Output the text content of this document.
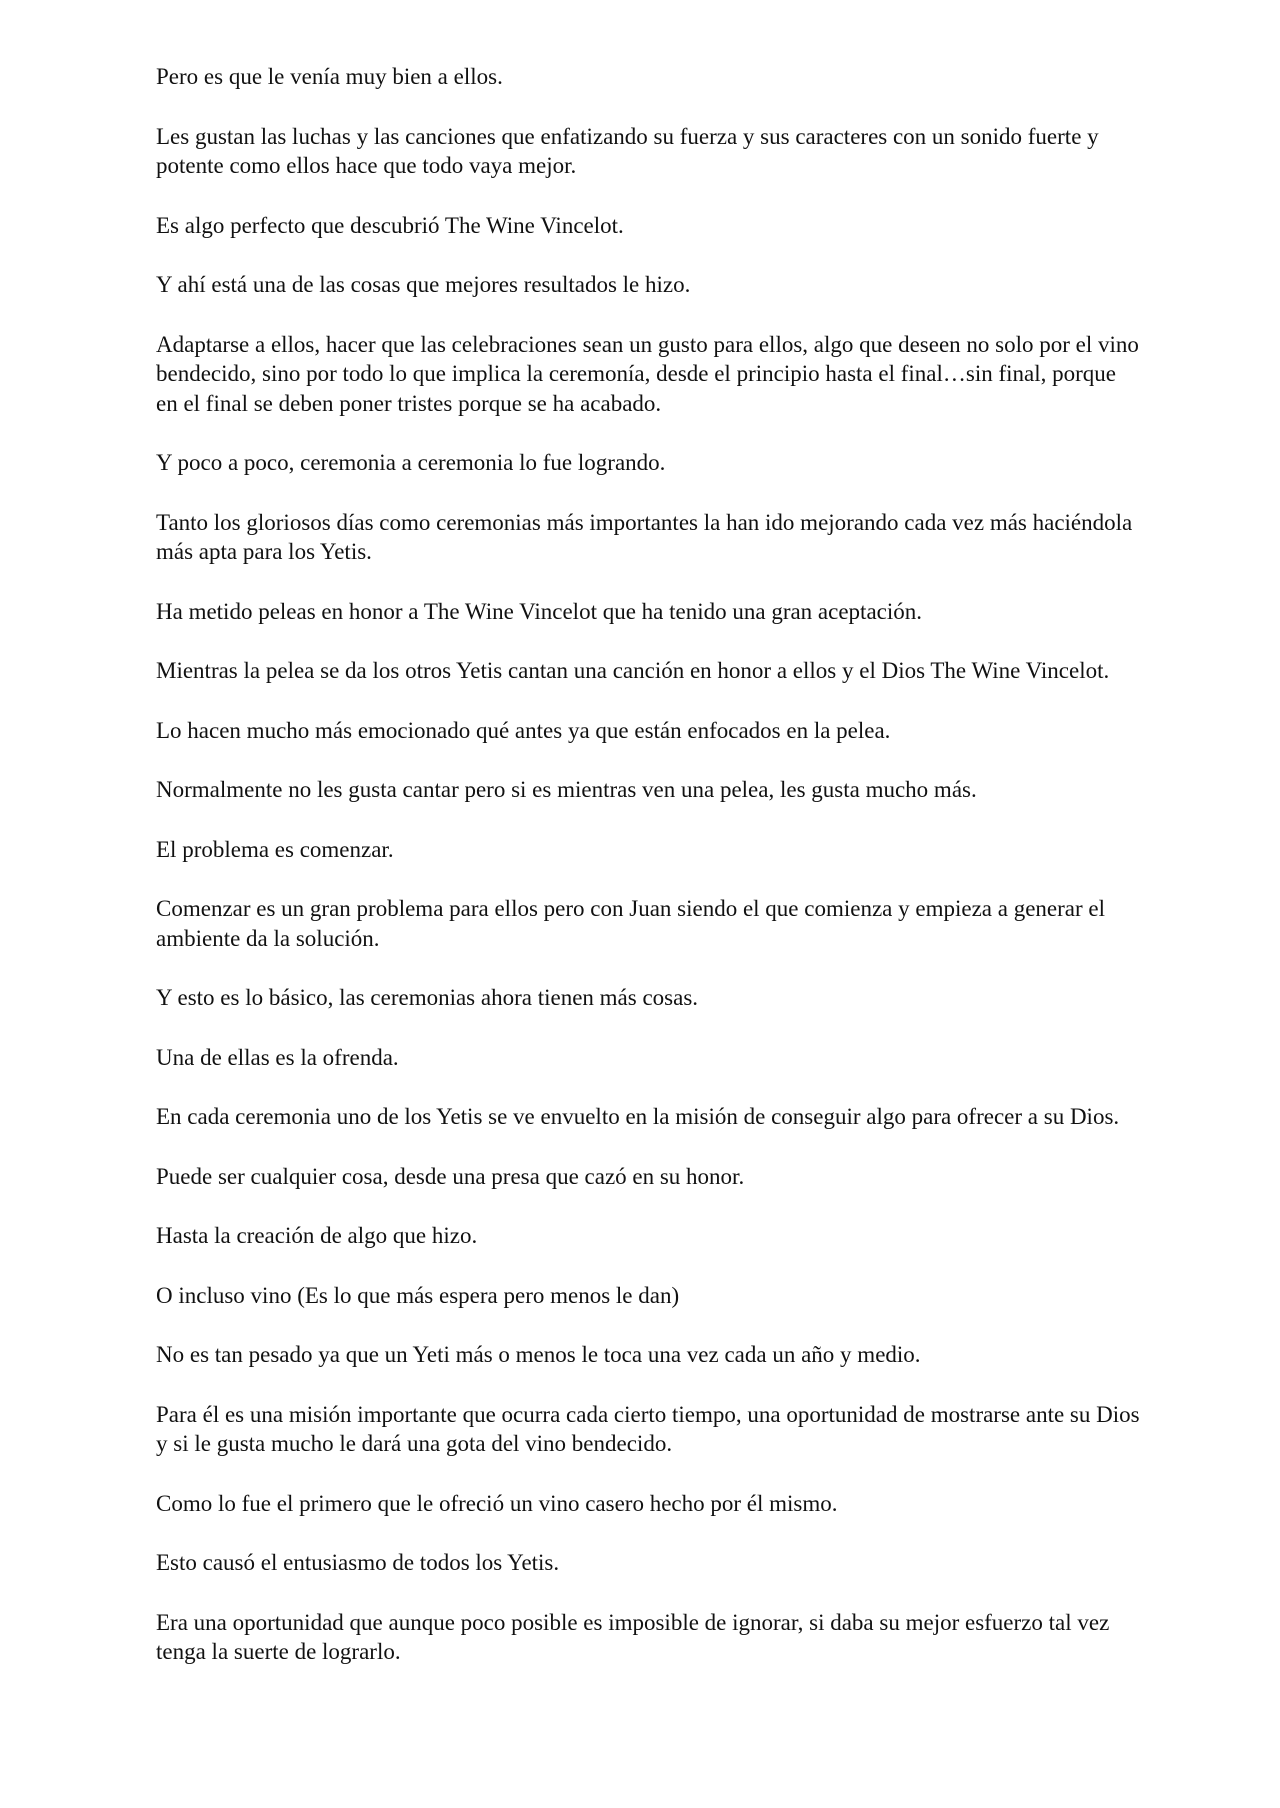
Pero es que le venía muy bien a ellos.

Les gustan las luchas y las canciones que enfatizando su fuerza y sus caracteres con un sonido fuerte y potente como ellos hace que todo vaya mejor.

Es algo perfecto que descubrió The Wine Vincelot.

Y ahí está una de las cosas que mejores resultados le hizo.

Adaptarse a ellos, hacer que las celebraciones sean un gusto para ellos, algo que deseen no solo por el vino bendecido, sino por todo lo que implica la ceremonía, desde el principio hasta el final…sin final, porque en el final se deben poner tristes porque se ha acabado.

Y poco a poco, ceremonia a ceremonia lo fue logrando.

Tanto los gloriosos días como ceremonias más importantes la han ido mejorando cada vez más haciéndola más apta para los Yetis.

Ha metido peleas en honor a The Wine Vincelot que ha tenido una gran aceptación.

Mientras la pelea se da los otros Yetis cantan una canción en honor a ellos y el Dios The Wine Vincelot.

Lo hacen mucho más emocionado qué antes ya que están enfocados en la pelea.

Normalmente no les gusta cantar pero si es mientras ven una pelea, les gusta mucho más.

El problema es comenzar.

Comenzar es un gran problema para ellos pero con Juan siendo el que comienza y empieza a generar el ambiente da la solución.

Y esto es lo básico, las ceremonias ahora tienen más cosas.

Una de ellas es la ofrenda.

En cada ceremonia uno de los Yetis se ve envuelto en la misión de conseguir algo para ofrecer a su Dios.

Puede ser cualquier cosa, desde una presa que cazó en su honor.

Hasta la creación de algo que hizo.

O incluso vino (Es lo que más espera pero menos le dan)

No es tan pesado ya que un Yeti más o menos le toca una vez cada un año y medio.

Para él es una misión importante que ocurra cada cierto tiempo, una oportunidad de mostrarse ante su Dios y si le gusta mucho le dará una gota del vino bendecido.

Como lo fue el primero que le ofreció un vino casero hecho por él mismo.

Esto causó el entusiasmo de todos los Yetis.

Era una oportunidad que aunque poco posible es imposible de ignorar, si daba su mejor esfuerzo tal vez tenga la suerte de lograrlo.
